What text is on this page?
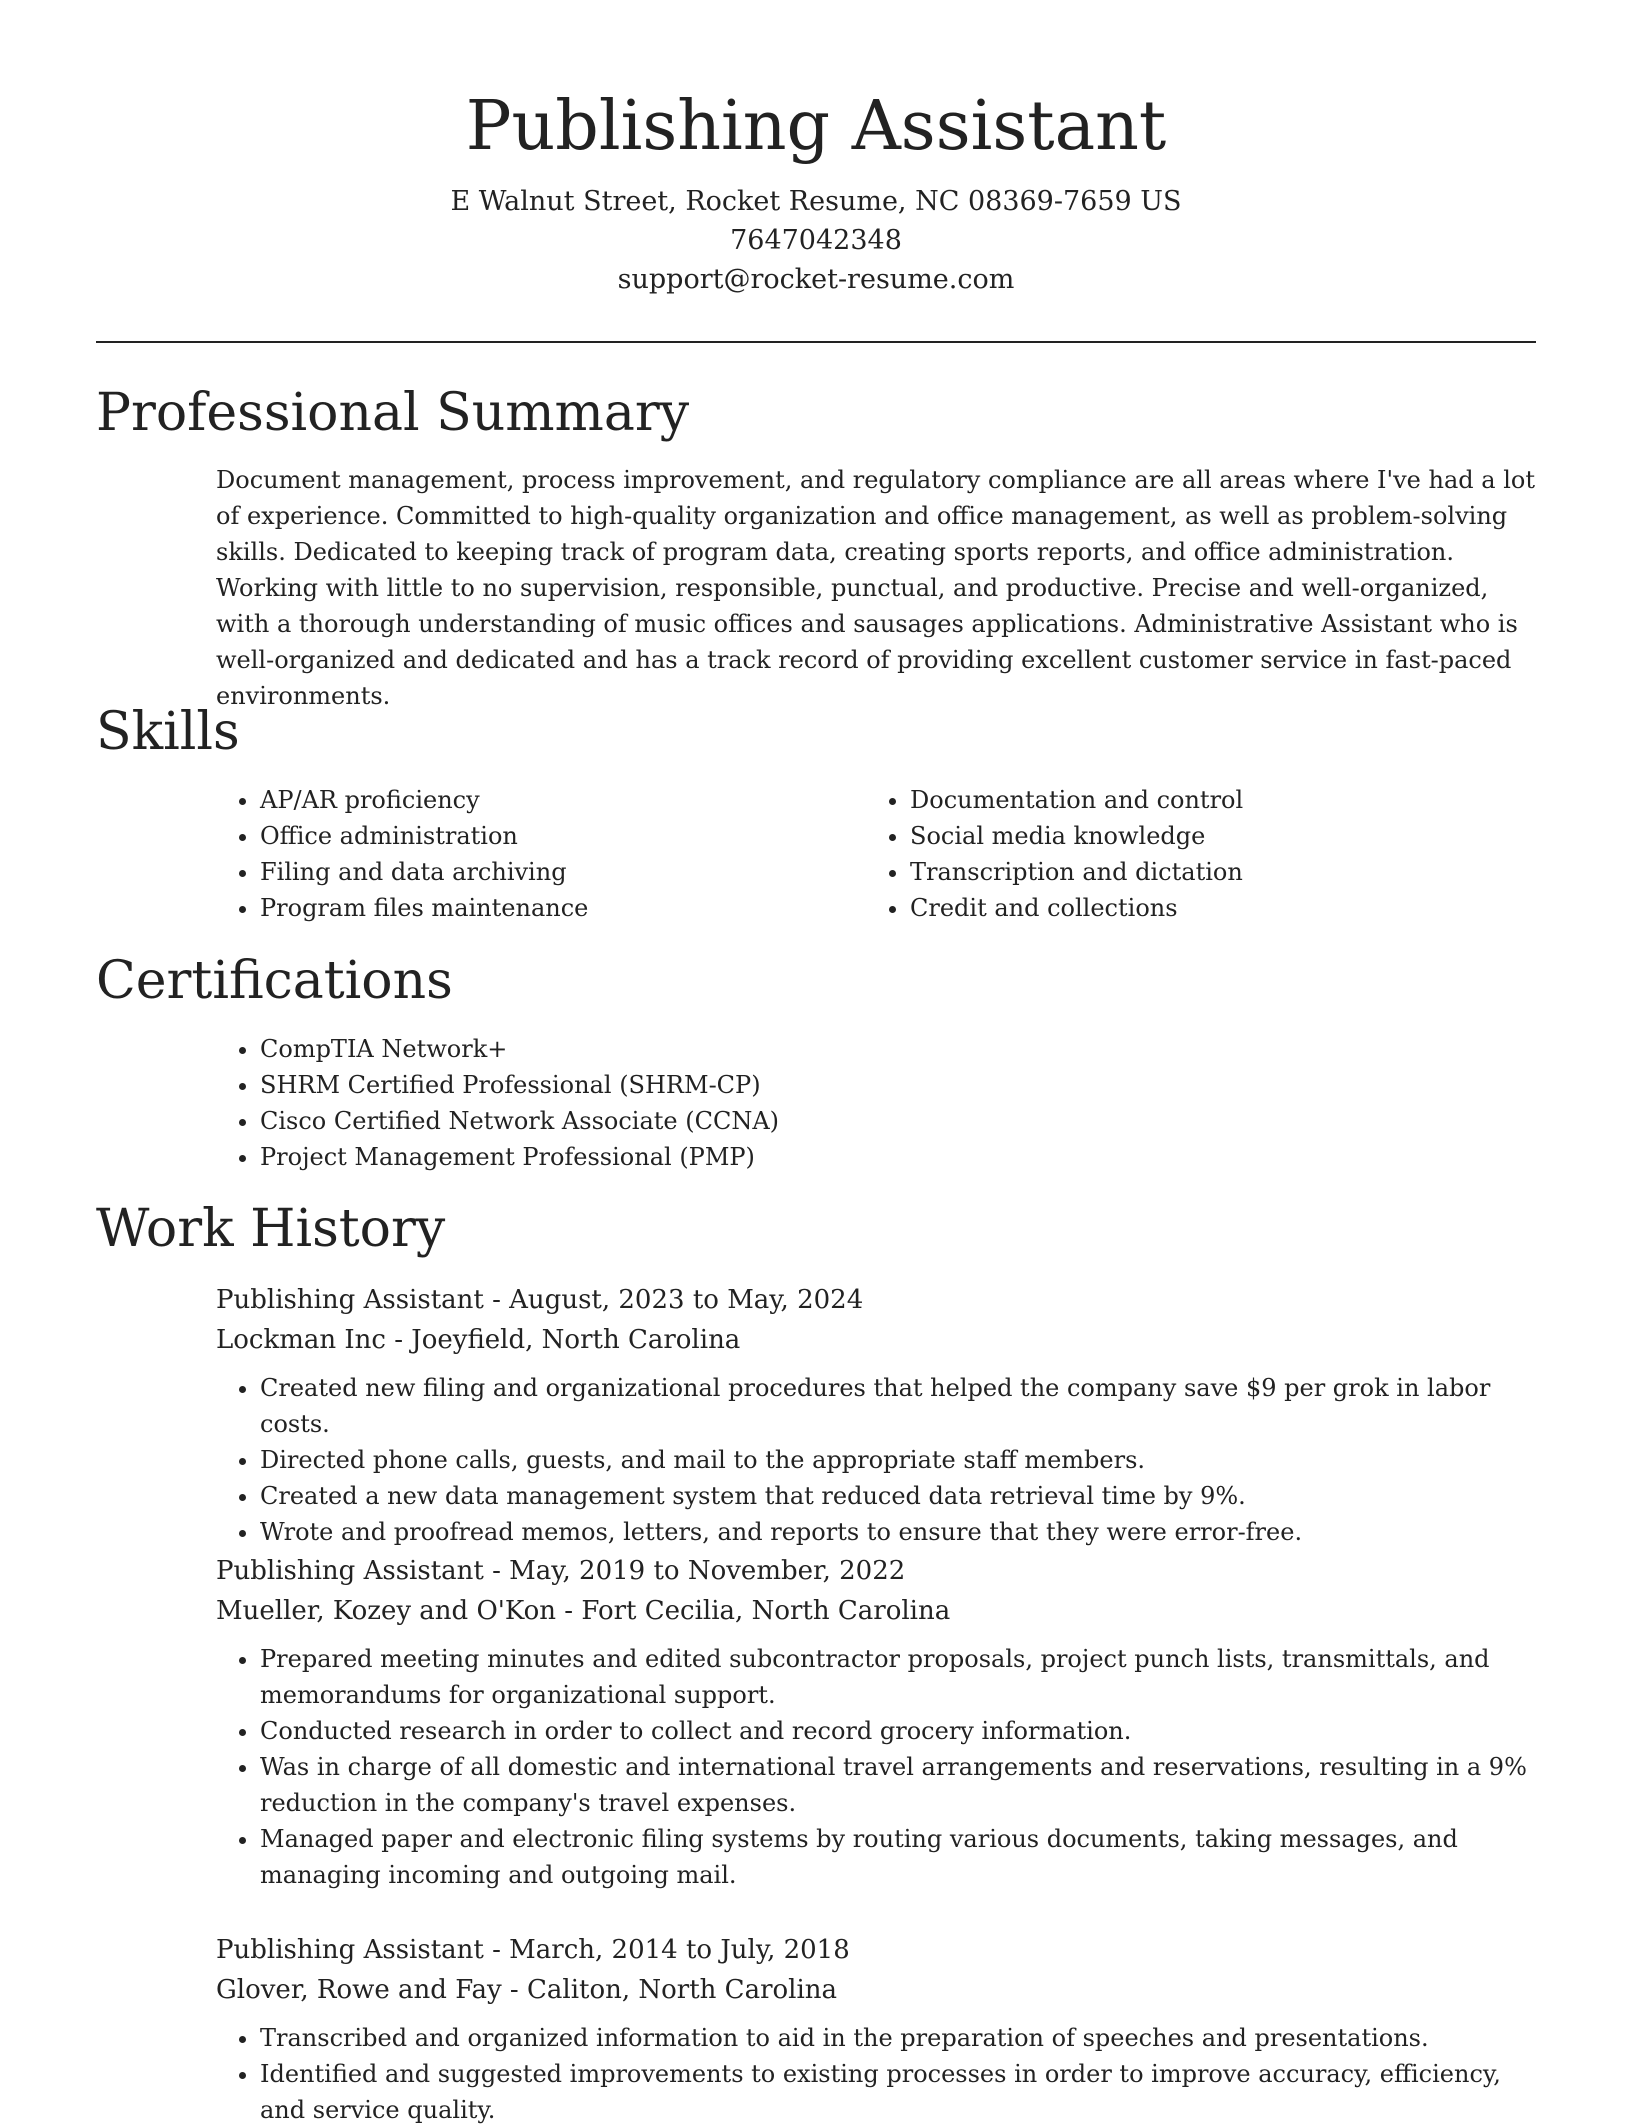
Publishing Assistant

E Walnut Street, Rocket Resume, NC 08369-7659 US

7647042348

support@rocket-resume.com

Professional Summary

Document management, process improvement, and regulatory compliance are all areas where I've had a lot of experience. Committed to high-quality organization and office management, as well as problem-solving skills. Dedicated to keeping track of program data, creating sports reports, and office administration. Working with little to no supervision, responsible, punctual, and productive. Precise and well-organized, with a thorough understanding of music offices and sausages applications. Administrative Assistant who is well-organized and dedicated and has a track record of providing excellent customer service in fast-paced environments.

Skills
• AP/AR proficiency
• Office administration
• Filing and data archiving
• Program files maintenance
• Documentation and control
• Social media knowledge
• Transcription and dictation
• Credit and collections
Certifications
• CompTIA Network+
• SHRM Certified Professional (SHRM-CP)
• Cisco Certified Network Associate (CCNA)
• Project Management Professional (PMP)
Work History

Publishing Assistant - August, 2023 to May, 2024

Lockman Inc - Joeyfield, North Carolina

• Created new filing and organizational procedures that helped the company save $9 per grok in labor costs.
• Directed phone calls, guests, and mail to the appropriate staff members.
• Created a new data management system that reduced data retrieval time by 9%.
• Wrote and proofread memos, letters, and reports to ensure that they were error-free.

Publishing Assistant - May, 2019 to November, 2022

Mueller, Kozey and O'Kon - Fort Cecilia, North Carolina

• Prepared meeting minutes and edited subcontractor proposals, project punch lists, transmittals, and memorandums for organizational support.
• Conducted research in order to collect and record grocery information.
• Was in charge of all domestic and international travel arrangements and reservations, resulting in a 9% reduction in the company's travel expenses.
• Managed paper and electronic filing systems by routing various documents, taking messages, and managing incoming and outgoing mail.

Publishing Assistant - March, 2014 to July, 2018

Glover, Rowe and Fay - Caliton, North Carolina

• Transcribed and organized information to aid in the preparation of speeches and presentations.
• Identified and suggested improvements to existing processes in order to improve accuracy, efficiency, and service quality.
